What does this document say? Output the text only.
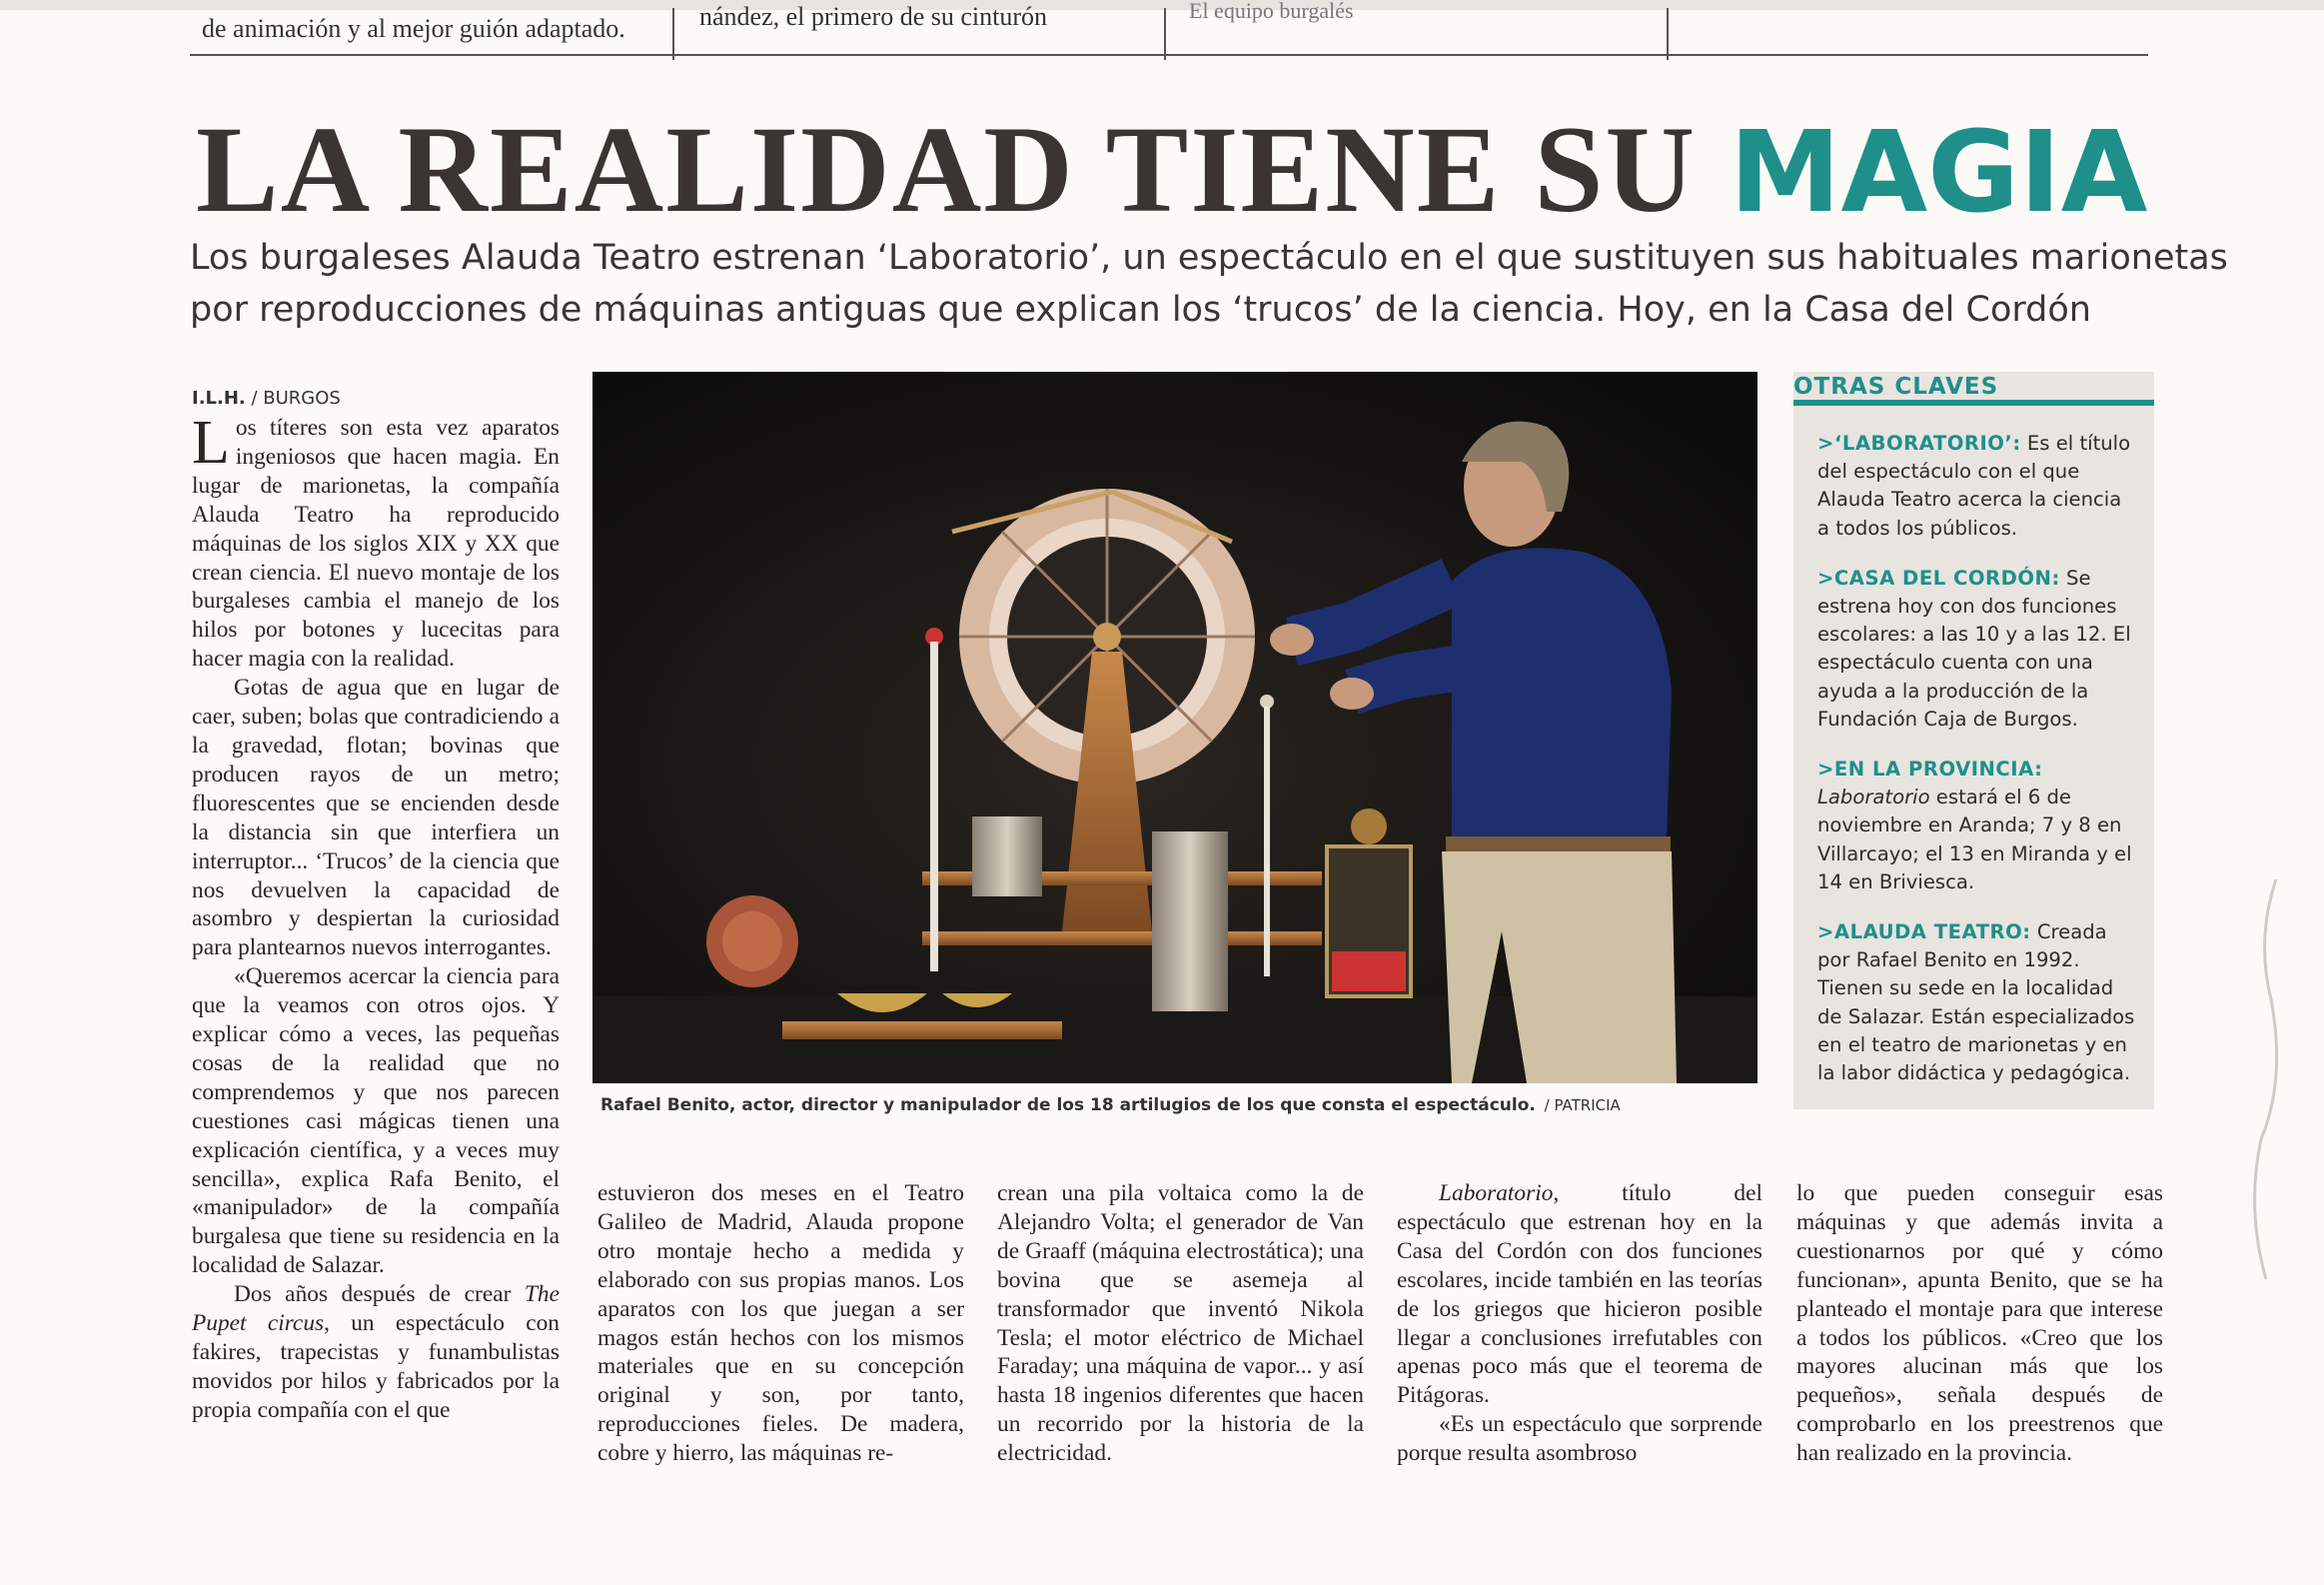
de animación y al mejor guión adaptado.	nández, el primero de su cinturón	El equipo burgalés
LA REALIDAD TIENE SU MAGIA

Los burgaleses Alauda Teatro estrenan ‘Laboratorio’, un espectáculo en el que sustituyen sus habituales marionetas

por reproducciones de máquinas antiguas que explican los ‘trucos’ de la ciencia. Hoy, en la Casa del Cordón

I.L.H. / BURGOS

Los títeres son esta vez aparatos ingeniosos que hacen magia. En lugar de marionetas, la compañía Alauda Teatro ha reproducido máquinas de los siglos XIX y XX que crean ciencia. El nuevo montaje de los burgaleses cambia el manejo de los hilos por botones y lucecitas para hacer magia con la realidad.

Gotas de agua que en lugar de caer, suben; bolas que contradiciendo a la gravedad, flotan; bovinas que producen rayos de un metro; fluorescentes que se encienden desde la distancia sin que interfiera un interruptor... ‘Trucos’ de la ciencia que nos devuelven la capacidad de asombro y despiertan la curiosidad para plantearnos nuevos interrogantes.

«Queremos acercar la ciencia para que la veamos con otros ojos. Y explicar cómo a veces, las pequeñas cosas de la realidad que no comprendemos y que nos parecen cuestiones casi mágicas tienen una explicación científica, y a veces muy sencilla», explica Rafa Benito, el «manipulador» de la compañía burgalesa que tiene su residencia en la localidad de Salazar.

Dos años después de crear The Pupet circus, un espectáculo con fakires, trapecistas y funambulistas movidos por hilos y fabricados por la propia compañía con el que

Rafael Benito, actor, director y manipulador de los 18 artilugios de los que consta el espectáculo. / PATRICIA
OTRAS CLAVES
>‘LABORATORIO’: Es el título del espectáculo con el que Alauda Teatro acerca la ciencia a todos los públicos.
>CASA DEL CORDÓN: Se estrena hoy con dos funciones escolares: a las 10 y a las 12. El espectáculo cuenta con una ayuda a la producción de la Fundación Caja de Burgos.
>EN LA PROVINCIA: Laboratorio estará el 6 de noviembre en Aranda; 7 y 8 en Villarcayo; el 13 en Miranda y el 14 en Briviesca.
>ALAUDA TEATRO: Creada por Rafael Benito en 1992. Tienen su sede en la localidad de Salazar. Están especializados en el teatro de marionetas y en la labor didáctica y pedagógica.

estuvieron dos meses en el Teatro Galileo de Madrid, Alauda propone otro montaje hecho a medida y elaborado con sus propias manos. Los aparatos con los que juegan a ser magos están hechos con los mismos materiales que en su concepción original y son, por tanto, reproducciones fieles. De madera, cobre y hierro, las máquinas re-

crean una pila voltaica como la de Alejandro Volta; el generador de Van de Graaff (máquina electrostática); una bovina que se asemeja al transformador que inventó Nikola Tesla; el motor eléctrico de Michael Faraday; una máquina de vapor... y así hasta 18 ingenios diferentes que hacen un recorrido por la historia de la electricidad.

Laboratorio, título del espectáculo que estrenan hoy en la Casa del Cordón con dos funciones escolares, incide también en las teorías de los griegos que hicieron posible llegar a conclusiones irrefutables con apenas poco más que el teorema de Pitágoras.

«Es un espectáculo que sorprende porque resulta asombroso

lo que pueden conseguir esas máquinas y que además invita a cuestionarnos por qué y cómo funcionan», apunta Benito, que se ha planteado el montaje para que interese a todos los públicos. «Creo que los mayores alucinan más que los pequeños», señala después de comprobarlo en los preestrenos que han realizado en la provincia.
